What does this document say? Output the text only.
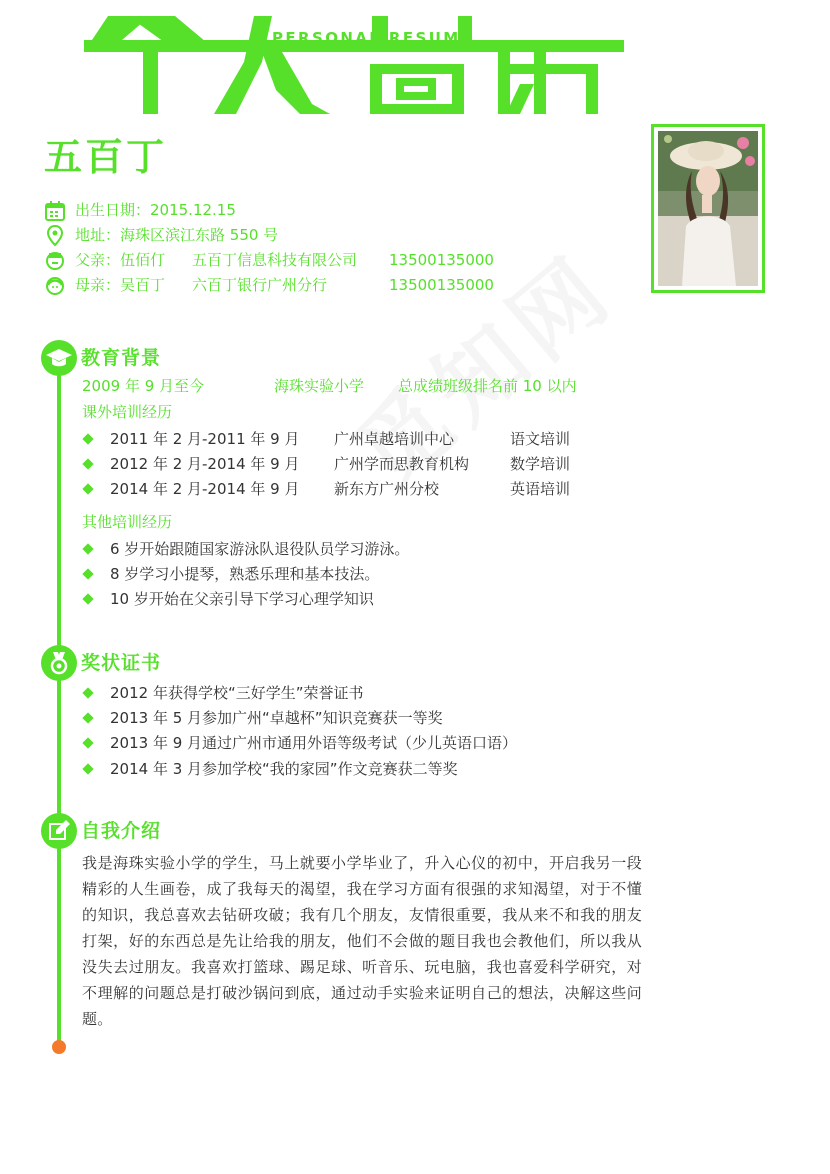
PERSONAL RESUME
五百丁
出生日期：2015.12.15
地址：海珠区滨江东路 550 号
父亲：伍佰仃 五百丁信息科技有限公司 13500135000
母亲：吴百丁 六百丁银行广州分行	13500135000
教育背景
2009 年 9 月至今	海珠实验小学 总成绩班级排名前 10 以内
课外培训经历
2011 年 2 月-2011 年 9 月 广州卓越培训中心	语文培训
2012 年 2 月-2014 年 9 月 广州学而思教育机构	数学培训
2014 年 2 月-2014 年 9 月 新东方广州分校	英语培训
其他培训经历
6 岁开始跟随国家游泳队退役队员学习游泳。
8 岁学习小提琴，熟悉乐理和基本技法。
10 岁开始在父亲引导下学习心理学知识
奖状证书
2012 年获得学校“三好学生”荣誉证书
2013 年 5 月参加广州“卓越杯”知识竞赛获一等奖
2013 年 9 月通过广州市通用外语等级考试（少儿英语口语）
2014 年 3 月参加学校“我的家园”作文竞赛获二等奖
自我介绍
我是海珠实验小学的学生，马上就要小学毕业了，升入心仪的初中，开启我另一段精彩的人生画卷，成了我每天的渴望，我在学习方面有很强的求知渴望，对于不懂的知识，我总喜欢去钻研攻破；我有几个朋友，友情很重要，我从来不和我的朋友打架，好的东西总是先让给我的朋友，他们不会做的题目我也会教他们，所以我从没失去过朋友。我喜欢打篮球、踢足球、听音乐、玩电脑，我也喜爱科学研究，对不理解的问题总是打破沙锅问到底，通过动手实验来证明自己的想法，决解这些问题。
